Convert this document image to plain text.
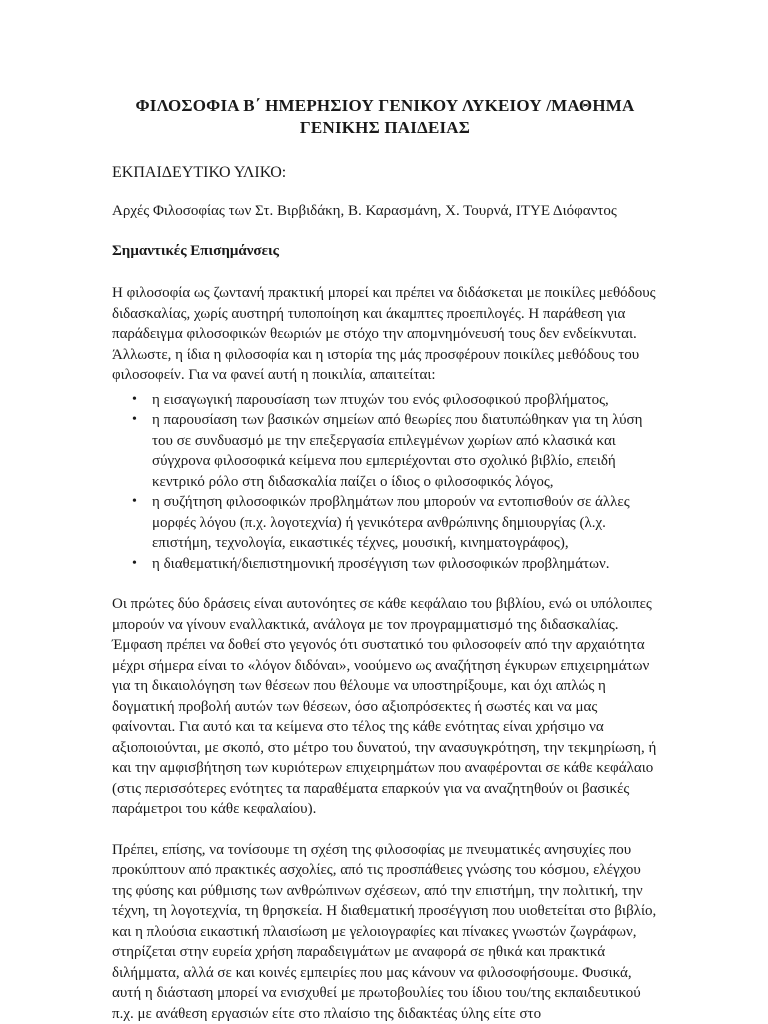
ΦΙΛΟΣΟΦΙΑ Β΄ ΗΜΕΡΗΣΙΟΥ ΓΕΝΙΚΟΥ ΛΥΚΕΙΟΥ /ΜΑΘΗΜΑ ΓΕΝΙΚΗΣ ΠΑΙΔΕΙΑΣ

ΕΚΠΑΙΔΕΥΤΙΚΟ ΥΛΙΚΟ:

Αρχές Φιλοσοφίας των Στ. Βιρβιδάκη, Β. Καρασμάνη, Χ. Τουρνά, ΙΤΥΕ Διόφαντος

Σημαντικές Επισημάνσεις

Η φιλοσοφία ως ζωντανή πρακτική μπορεί και πρέπει να διδάσκεται με ποικίλες μεθόδους διδασκαλίας, χωρίς αυστηρή τυποποίηση και άκαμπτες προεπιλογές. Η παράθεση για παράδειγμα φιλοσοφικών θεωριών με στόχο την απομνημόνευσή τους δεν ενδείκνυται. Άλλωστε, η ίδια η φιλοσοφία και η ιστορία της μάς προσφέρουν ποικίλες μεθόδους του φιλοσοφείν. Για να φανεί αυτή η ποικιλία, απαιτείται:

• η εισαγωγική παρουσίαση των πτυχών του ενός φιλοσοφικού προβλήματος,
• η παρουσίαση των βασικών σημείων από θεωρίες που διατυπώθηκαν για τη λύση του σε συνδυασμό με την επεξεργασία επιλεγμένων χωρίων από κλασικά και σύγχρονα φιλοσοφικά κείμενα που εμπεριέχονται στο σχολικό βιβλίο, επειδή κεντρικό ρόλο στη διδασκαλία παίζει ο ίδιος ο φιλοσοφικός λόγος,
• η συζήτηση φιλοσοφικών προβλημάτων που μπορούν να εντοπισθούν σε άλλες μορφές λόγου (π.χ. λογοτεχνία) ή γενικότερα ανθρώπινης δημιουργίας (λ.χ. επιστήμη, τεχνολογία, εικαστικές τέχνες, μουσική, κινηματογράφος),
• η διαθεματική/διεπιστημονική προσέγγιση των φιλοσοφικών προβλημάτων.

Οι πρώτες δύο δράσεις είναι αυτονόητες σε κάθε κεφάλαιο του βιβλίου, ενώ οι υπόλοιπες μπορούν να γίνουν εναλλακτικά, ανάλογα με τον προγραμματισμό της διδασκαλίας. Έμφαση πρέπει να δοθεί στο γεγονός ότι συστατικό του φιλοσοφείν από την αρχαιότητα μέχρι σήμερα είναι το «λόγον διδόναι», νοούμενο ως αναζήτηση έγκυρων επιχειρημάτων για τη δικαιολόγηση των θέσεων που θέλουμε να υποστηρίξουμε, και όχι απλώς η δογματική προβολή αυτών των θέσεων, όσο αξιοπρόσεκτες ή σωστές και να μας φαίνονται. Για αυτό και τα κείμενα στο τέλος της κάθε ενότητας είναι χρήσιμο να αξιοποιούνται, με σκοπό, στο μέτρο του δυνατού, την ανασυγκρότηση, την τεκμηρίωση, ή και την αμφισβήτηση των κυριότερων επιχειρημάτων που αναφέρονται σε κάθε κεφάλαιο (στις περισσότερες ενότητες τα παραθέματα επαρκούν για να αναζητηθούν οι βασικές παράμετροι του κάθε κεφαλαίου).

Πρέπει, επίσης, να τονίσουμε τη σχέση της φιλοσοφίας με πνευματικές ανησυχίες που προκύπτουν από πρακτικές ασχολίες, από τις προσπάθειες γνώσης του κόσμου, ελέγχου της φύσης και ρύθμισης των ανθρώπινων σχέσεων, από την επιστήμη, την πολιτική, την τέχνη, τη λογοτεχνία, τη θρησκεία. Η διαθεματική προσέγγιση που υιοθετείται στο βιβλίο, και η πλούσια εικαστική πλαισίωση με γελοιογραφίες και πίνακες γνωστών ζωγράφων, στηρίζεται στην ευρεία χρήση παραδειγμάτων με αναφορά σε ηθικά και πρακτικά διλήμματα, αλλά σε και κοινές εμπειρίες που μας κάνουν να φιλοσοφήσουμε. Φυσικά, αυτή η διάσταση μπορεί να ενισχυθεί με πρωτοβουλίες του ίδιου του/της εκπαιδευτικού π.χ. με ανάθεση εργασιών είτε στο πλαίσιο της διδακτέας ύλης είτε στο
